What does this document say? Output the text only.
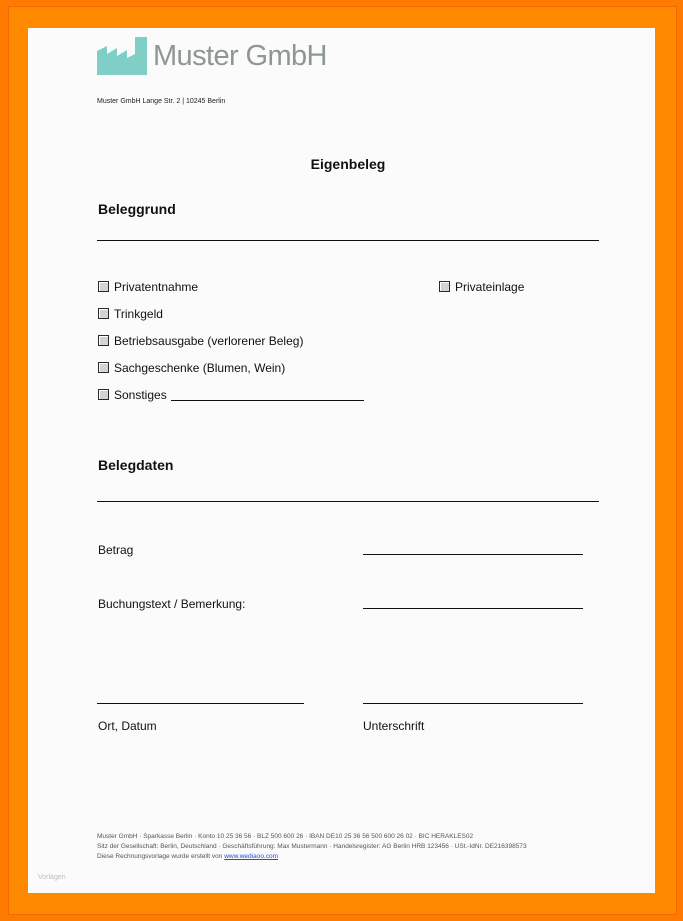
Muster GmbH
Muster GmbH Lange Str. 2 | 10245 Berlin
Eigenbeleg
Beleggrund
Privatentnahme
Trinkgeld
Betriebsausgabe (verlorener Beleg)
Sachgeschenke (Blumen, Wein)
Sonstiges
Privateinlage
Belegdaten
Betrag
Buchungstext / Bemerkung:
Ort, Datum	Unterschrift
Muster GmbH · Sparkasse Berlin · Konto 10 25 36 56 · BLZ 500 600 26 · IBAN DE10 25 36 56 500 600 26 02 · BIC HERAKLES02
Sitz der Gesellschaft: Berlin, Deutschland · Geschäftsführung: Max Mustermann · Handelsregister: AG Berlin HRB 123456 · USt.-IdNr. DE216398573
Diese Rechnungsvorlage wurde erstellt von www.wediaoo.com
Vorlagen
